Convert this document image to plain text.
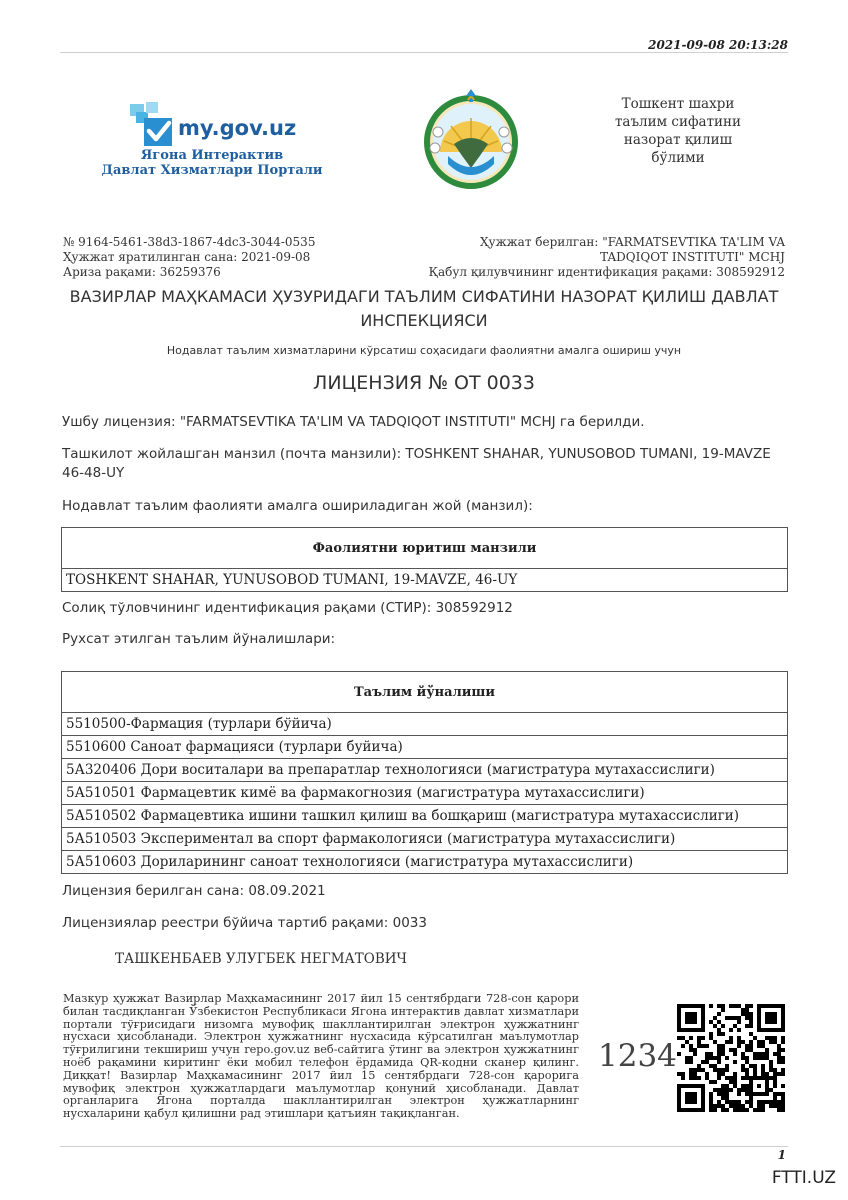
2021-09-08 20:13:28
my.gov.uz
Ягона Интерактив
Давлат Хизматлари Портали
Тошкент шахри
таълим сифатини
назорат қилиш
бўлими
№ 9164-5461-38d3-1867-4dc3-3044-0535
Ҳужжат яратилинган сана: 2021-09-08
Ариза рақами: 36259376
Ҳужжат берилган: "FARMATSEVTIKA TA'LIM VA
TADQIQOT INSTITUTI" MCHJ
Қабул қилувчининг идентификация рақами: 308592912
ВАЗИРЛАР МАҲКАМАСИ ҲУЗУРИДАГИ ТАЪЛИМ СИФАТИНИ НАЗОРАТ ҚИЛИШ ДАВЛАТ
ИНСПЕКЦИЯСИ
Нодавлат таълим хизматларини кўрсатиш соҳасидаги фаолиятни амалга ошириш учун
ЛИЦЕНЗИЯ № ОТ 0033
Ушбу лицензия: "FARMATSEVTIKA TA'LIM VA TADQIQOT INSTITUTI" MCHJ га берилди.
Ташкилот жойлашган манзил (почта манзили): TOSHKENT SHAHAR, YUNUSOBOD TUMANI, 19-MAVZE
46-48-UY
Нодавлат таълим фаолияти амалга ошириладиган жой (манзил):
Фаолиятни юритиш манзили
TOSHKENT SHAHAR, YUNUSOBOD TUMANI, 19-MAVZE, 46-UY
Солиқ тўловчининг идентификация рақами (СТИР): 308592912
Рухсат этилган таълим йўналишлари:
Таълим йўналиши
5510500-Фармация (турлари бўйича)
5510600 Саноат фармацияси (турлари буйича)
5А320406 Дори воситалари ва препаратлар технологияси (магистратура мутахассислиги)
5А510501 Фармацевтик кимё ва фармакогнозия (магистратура мутахассислиги)
5А510502 Фармацевтика ишини ташкил қилиш ва бошқариш (магистратура мутахассислиги)
5А510503 Экспериментал ва спорт фармакологияси (магистратура мутахассислиги)
5А510603 Дориларининг саноат технологияси (магистратура мутахассислиги)
Лицензия берилган сана: 08.09.2021
Лицензиялар реестри бўйича тартиб рақами: 0033
ТАШКЕНБАЕВ УЛУГБЕК НЕГМАТОВИЧ
Мазкур ҳужжат Вазирлар Маҳкамасининг 2017 йил 15 сентябрдаги 728-сон қарори билан тасдиқланган Ўзбекистон Республикаси Ягона интерактив давлат хизматлари портали тўғрисидаги низомга мувофиқ шакллантирилган электрон ҳужжатнинг нусхаси ҳисобланади. Электрон ҳужжатнинг нусхасида кўрсатилган маълумотлар тўғрилигини текшириш учун repo.gov.uz веб-сайтига ўтинг ва электрон ҳужжатнинг ноёб рақамини киритинг ёки мобил телефон ёрдамида QR-кодни сканер қилинг. Диққат! Вазирлар Маҳкамасининг 2017 йил 15 сентябрдаги 728-сон қарорига мувофиқ электрон ҳужжатлардаги маълумотлар қонуний ҳисобланади. Давлат органларига Ягона порталда шакллантирилган электрон ҳужжатларнинг нусхаларини қабул қилишни рад этишлари қатъиян тақиқланган.
1234
1
FTTI.UZ
